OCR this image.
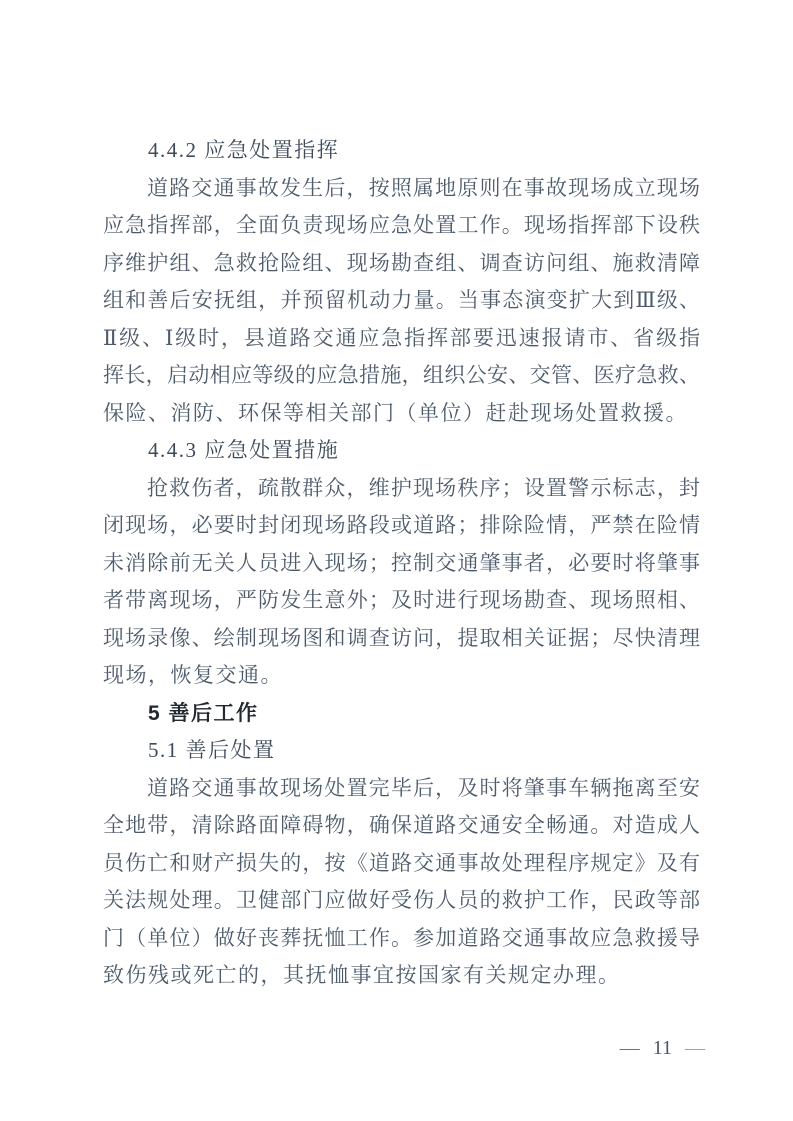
4.4.2 应急处置指挥
道路交通事故发生后，按照属地原则在事故现场成立现场
应急指挥部，全面负责现场应急处置工作。现场指挥部下设秩
序维护组、急救抢险组、现场勘查组、调查访问组、施救清障
组和善后安抚组，并预留机动力量。当事态演变扩大到Ⅲ级、
Ⅱ级、Ⅰ级时，县道路交通应急指挥部要迅速报请市、省级指
挥长，启动相应等级的应急措施，组织公安、交管、医疗急救、
保险、消防、环保等相关部门（单位）赶赴现场处置救援。
4.4.3 应急处置措施
抢救伤者，疏散群众，维护现场秩序；设置警示标志，封
闭现场，必要时封闭现场路段或道路；排除险情，严禁在险情
未消除前无关人员进入现场；控制交通肇事者，必要时将肇事
者带离现场，严防发生意外；及时进行现场勘查、现场照相、
现场录像、绘制现场图和调查访问，提取相关证据；尽快清理
现场，恢复交通。
5 善后工作
5.1 善后处置
道路交通事故现场处置完毕后，及时将肇事车辆拖离至安
全地带，清除路面障碍物，确保道路交通安全畅通。对造成人
员伤亡和财产损失的，按《道路交通事故处理程序规定》及有
关法规处理。卫健部门应做好受伤人员的救护工作，民政等部
门（单位）做好丧葬抚恤工作。参加道路交通事故应急救援导
致伤残或死亡的，其抚恤事宜按国家有关规定办理。
— 11 —
